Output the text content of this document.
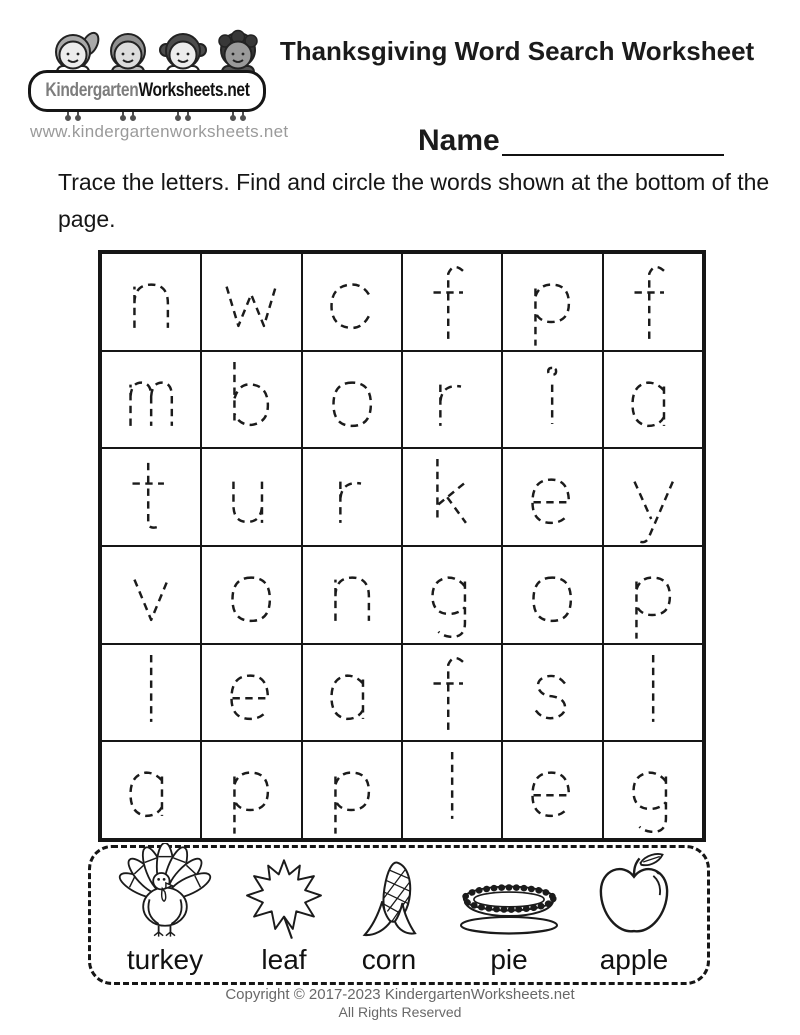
KindergartenWorksheets.net
www.kindergartenworksheets.net
Thanksgiving Word Search Worksheet
Name
Trace the letters. Find and circle the words shown at the bottom of the page.
turkey leaf corn	pie	apple
Copyright © 2017-2023 KindergartenWorksheets.net
All Rights Reserved
